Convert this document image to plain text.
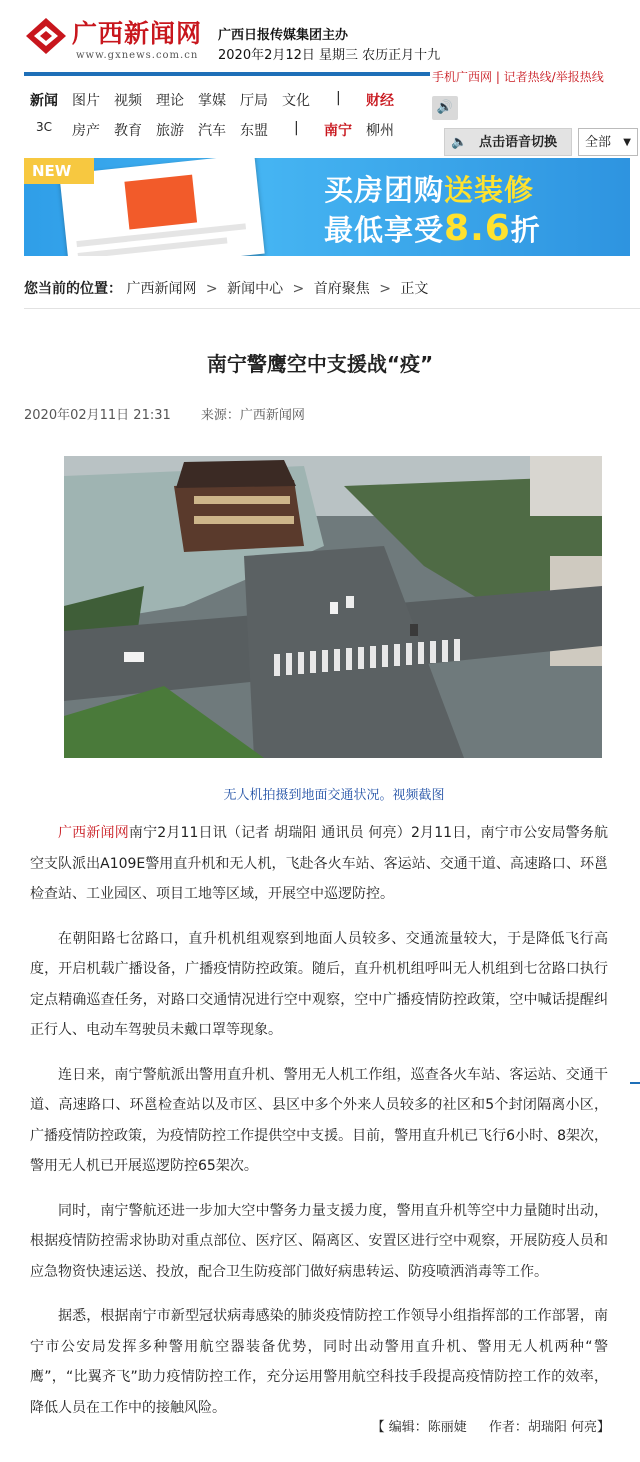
广西新闻网
www.gxnews.com.cn
广西日报传媒集团主办
2020年2月12日 星期三 农历正月十九
手机广西网 | 记者热线/举报热线
新闻 图片 视频 理论 掌媒 厅局 文化 | 财经
3C 房产 教育 旅游 汽车 东盟 | 南宁 柳州
🔊
🔈 点击语音切换	全部 ▼
NEW
买房团购送装修
最低享受8.6折
您当前的位置： 广西新闻网 > 新闻中心 > 首府聚焦 > 正文
南宁警鹰空中支援战“疫”
2020年02月11日 21:31 来源：广西新闻网
无人机拍摄到地面交通状况。视频截图

广西新闻网南宁2月11日讯（记者 胡瑞阳 通讯员 何亮）2月11日，南宁市公安局警务航空支队派出A109E警用直升机和无人机，飞赴各火车站、客运站、交通干道、高速路口、环邕检查站、工业园区、项目工地等区域，开展空中巡逻防控。

在朝阳路七岔路口，直升机机组观察到地面人员较多、交通流量较大，于是降低飞行高度，开启机载广播设备，广播疫情防控政策。随后，直升机机组呼叫无人机组到七岔路口执行定点精确巡查任务，对路口交通情况进行空中观察，空中广播疫情防控政策，空中喊话提醒纠正行人、电动车驾驶员未戴口罩等现象。

连日来，南宁警航派出警用直升机、警用无人机工作组，巡查各火车站、客运站、交通干道、高速路口、环邕检查站以及市区、县区中多个外来人员较多的社区和5个封闭隔离小区，广播疫情防控政策，为疫情防控工作提供空中支援。目前，警用直升机已飞行6小时、8架次，警用无人机已开展巡逻防控65架次。

同时，南宁警航还进一步加大空中警务力量支援力度，警用直升机等空中力量随时出动，根据疫情防控需求协助对重点部位、医疗区、隔离区、安置区进行空中观察，开展防疫人员和应急物资快速运送、投放，配合卫生防疫部门做好病患转运、防疫喷洒消毒等工作。

据悉，根据南宁市新型冠状病毒感染的肺炎疫情防控工作领导小组指挥部的工作部署，南宁市公安局发挥多种警用航空器装备优势，同时出动警用直升机、警用无人机两种“警鹰”，“比翼齐飞”助力疫情防控工作，充分运用警用航空科技手段提高疫情防控工作的效率，降低人员在工作中的接触风险。

【 编辑：陈丽婕 作者：胡瑞阳 何亮】
